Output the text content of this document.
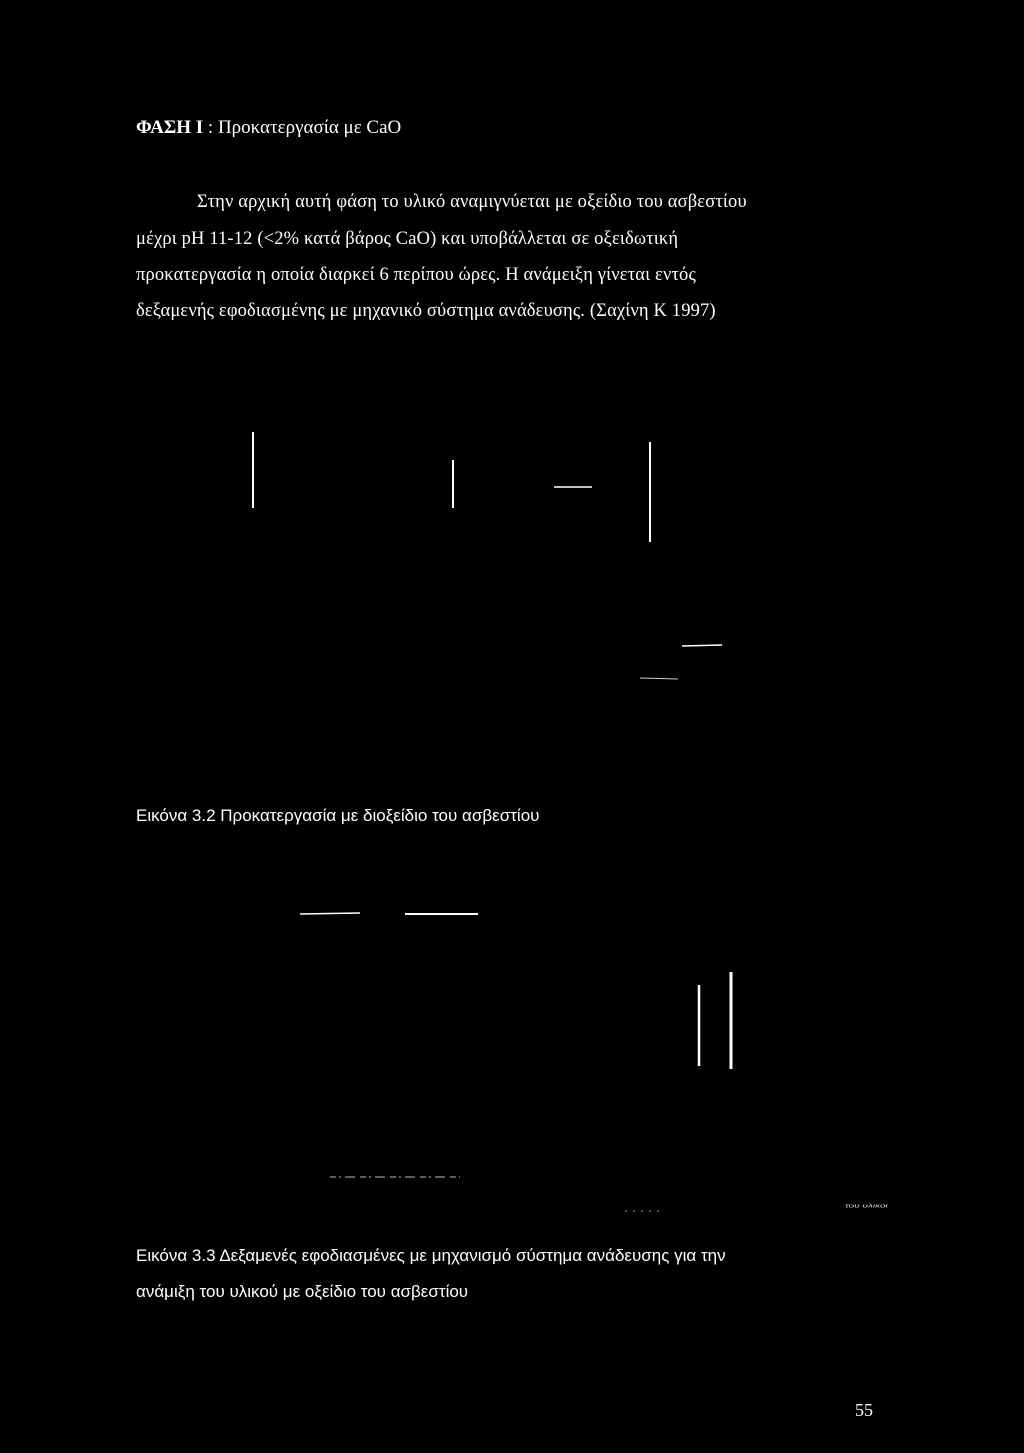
ΦΑΣΗ Ι : Προκατεργασία με CaO
Στην αρχική αυτή φάση το υλικό αναμιγνύεται με οξείδιο του ασβεστίου
μέχρι pH 11-12 (<2% κατά βάρος CaO) και υποβάλλεται σε οξειδωτική
προκατεργασία η οποία διαρκεί 6 περίπου ώρες. Η ανάμειξη γίνεται εντός
δεξαμενής εφοδιασμένης με μηχανικό σύστημα ανάδευσης. (Σαχίνη Κ 1997)
Εικόνα 3.2 Προκατεργασία με διοξείδιο του ασβεστίου
του υλικοι
Εικόνα 3.3 Δεξαμενές εφοδιασμένες με μηχανισμό σύστημα ανάδευσης για την
ανάμιξη του υλικού με οξείδιο του ασβεστίου
55
